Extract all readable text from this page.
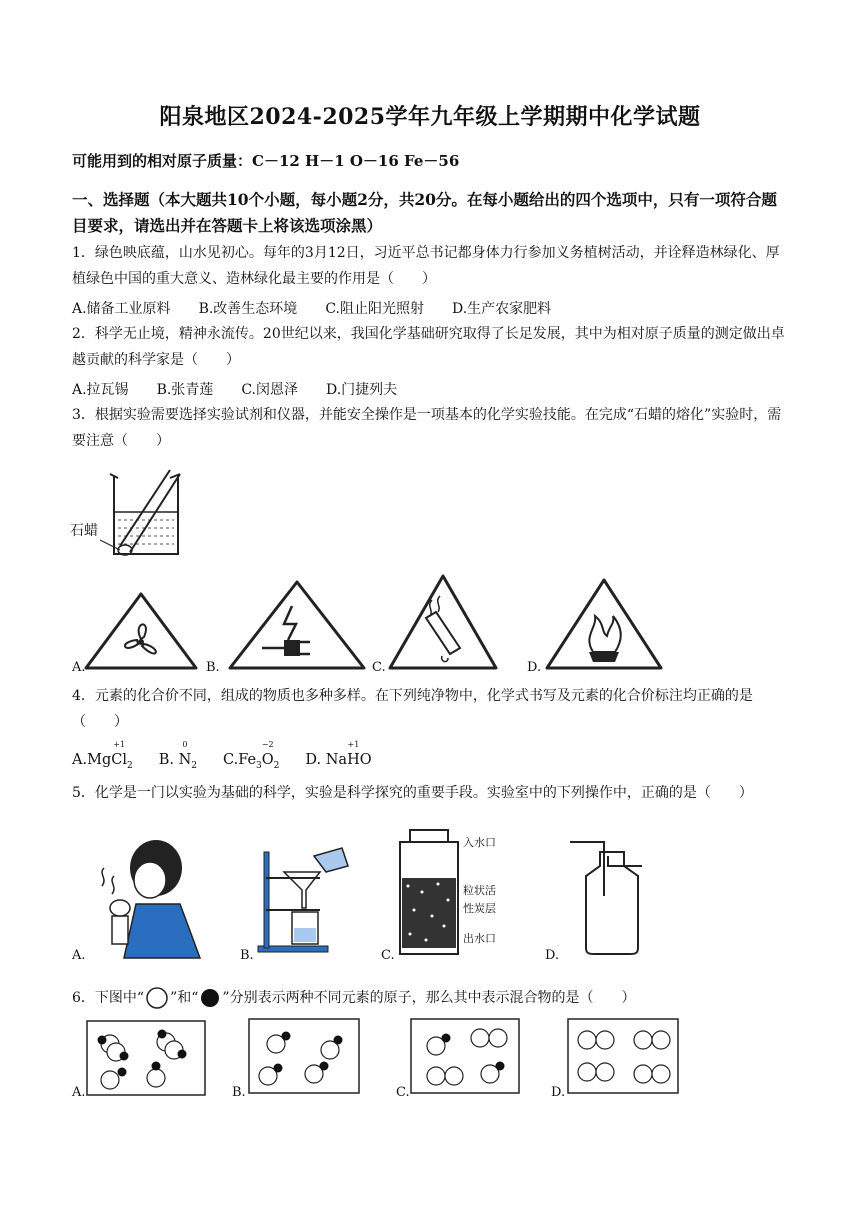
阳泉地区2024-2025学年九年级上学期期中化学试题
可能用到的相对原子质量：C－12 H－1 O－16 Fe－56
一、选择题（本大题共10个小题，每小题2分，共20分。在每小题给出的四个选项中，只有一项符合题目要求，请选出并在答题卡上将该选项涂黑）
1．绿色映底蕴，山水见初心。每年的3月12日，习近平总书记都身体力行参加义务植树活动，并诠释造林绿化、厚植绿色中国的重大意义、造林绿化最主要的作用是（　　）
A.储备工业原料 B.改善生态环境 C.阻止阳光照射 D.生产农家肥料
2．科学无止境，精神永流传。20世纪以来，我国化学基础研究取得了长足发展，其中为相对原子质量的测定做出卓越贡献的科学家是（　　）
A.拉瓦锡 B.张青莲 C.闵恩泽 D.门捷列夫
3．根据实验需要选择实验试剂和仪器，并能安全操作是一项基本的化学实验技能。在完成“石蜡的熔化”实验时，需要注意（　　）
石蜡
A.	B.	C.	D.
4．元素的化合价不同，组成的物质也多种多样。在下列纯净物中，化学式书写及元素的化合价标注均正确的是（　　）
A.Mg
+1
$Cl_2$ B.
0
$N_2$ $C.Fe_3$
−2
$O_2$ D. Na
+1
HO
5．化学是一门以实验为基础的科学，实验是科学探究的重要手段。实验室中的下列操作中，正确的是（　　）
A.	B.	C.
入水口
粒状活
性炭层
出水口
D.
6．下图中“ ”和“ ”分别表示两种不同元素的原子，那么其中表示混合物的是（　　）
A.	B.	C.	D.
